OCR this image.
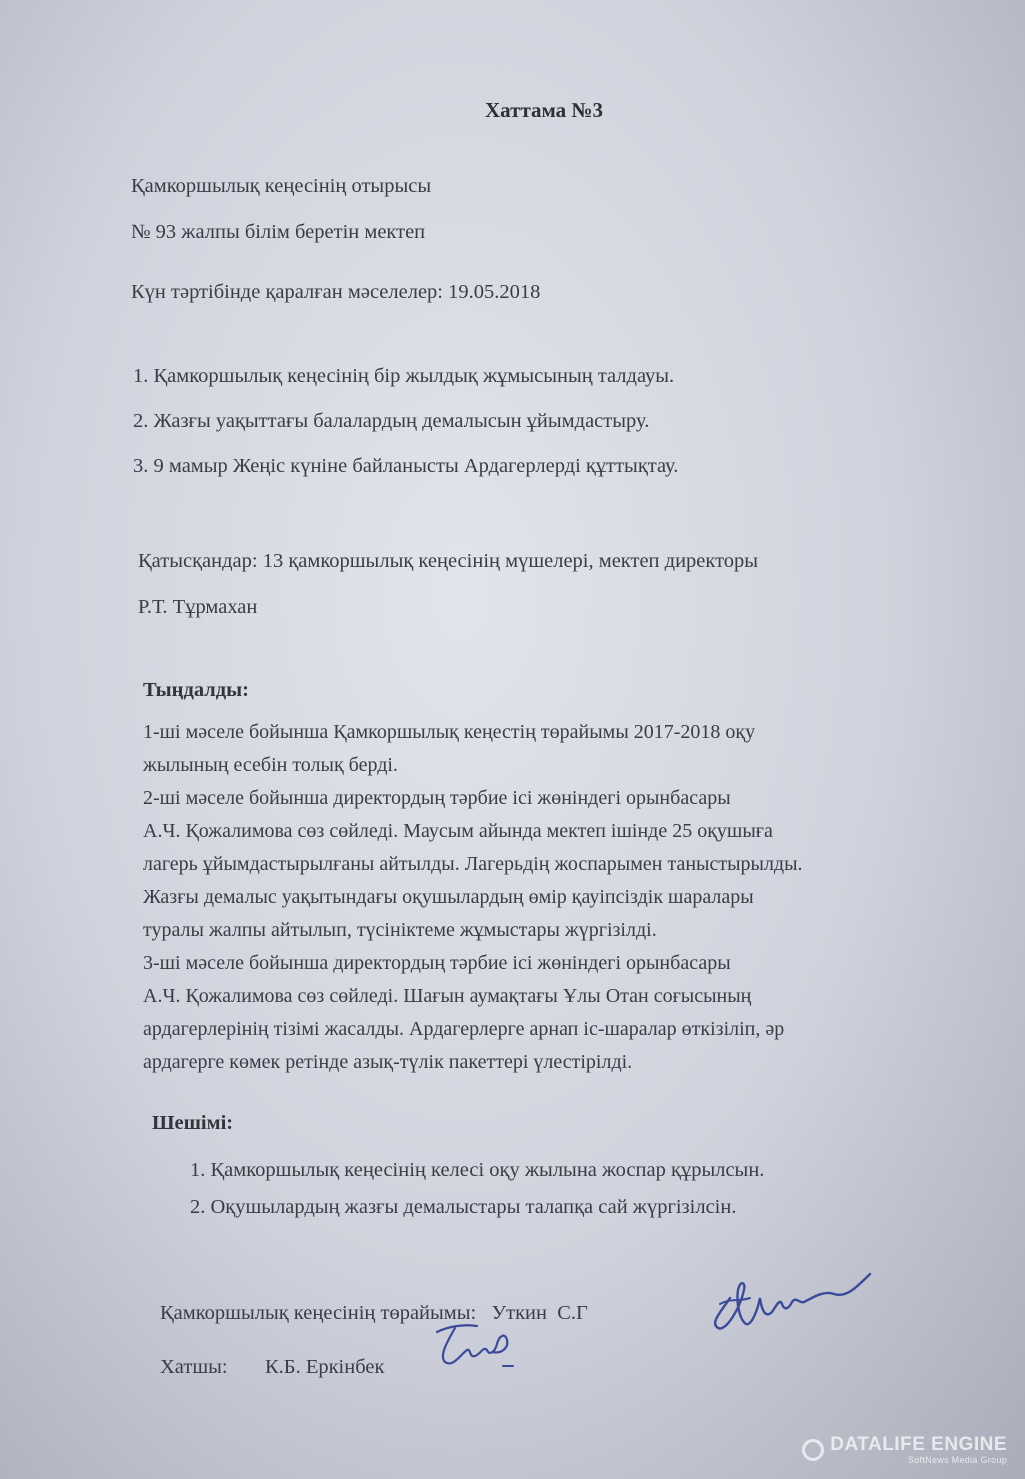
Хаттама №3
Қамкоршылық кеңесінің отырысы
№ 93 жалпы білім беретін мектеп
Күн тәртібінде қаралған мәселелер: 19.05.2018
1. Қамкоршылық кеңесінің бір жылдық жұмысының талдауы.
2. Жазғы уақыттағы балалардың демалысын ұйымдастыру.
3. 9 мамыр Жеңіс күніне байланысты Ардагерлерді құттықтау.
Қатысқандар: 13 қамкоршылық кеңесінің мүшелері, мектеп директоры
Р.Т. Тұрмахан
Тыңдалды:
1-ші мәселе бойынша Қамкоршылық кеңестің төрайымы 2017-2018 оқу
жылының есебін толық берді.
2-ші мәселе бойынша директордың тәрбие ісі жөніндегі орынбасары
А.Ч. Қожалимова сөз сөйледі. Маусым айында мектеп ішінде 25 оқушыға
лагерь ұйымдастырылғаны айтылды. Лагерьдің жоспарымен таныстырылды.
Жазғы демалыс уақытындағы оқушылардың өмір қауіпсіздік шаралары
туралы жалпы айтылып, түсініктеме жұмыстары жүргізілді.
3-ші мәселе бойынша директордың тәрбие ісі жөніндегі орынбасары
А.Ч. Қожалимова сөз сөйледі. Шағын аумақтағы Ұлы Отан соғысының
ардагерлерінің тізімі жасалды. Ардагерлерге арнап іс-шаралар өткізіліп, әр
ардагерге көмек ретінде азық-түлік пакеттері үлестірілді.
Шешімі:
1. Қамкоршылық кеңесінің келесі оқу жылына жоспар құрылсын.
2. Оқушылардың жазғы демалыстары талапқа сай жүргізілсін.
Қамкоршылық кеңесінің төрайымы:   Уткин  С.Г
Хатшы: К.Б. Еркінбек
DATALIFE ENGINE
SoftNews Media Group
